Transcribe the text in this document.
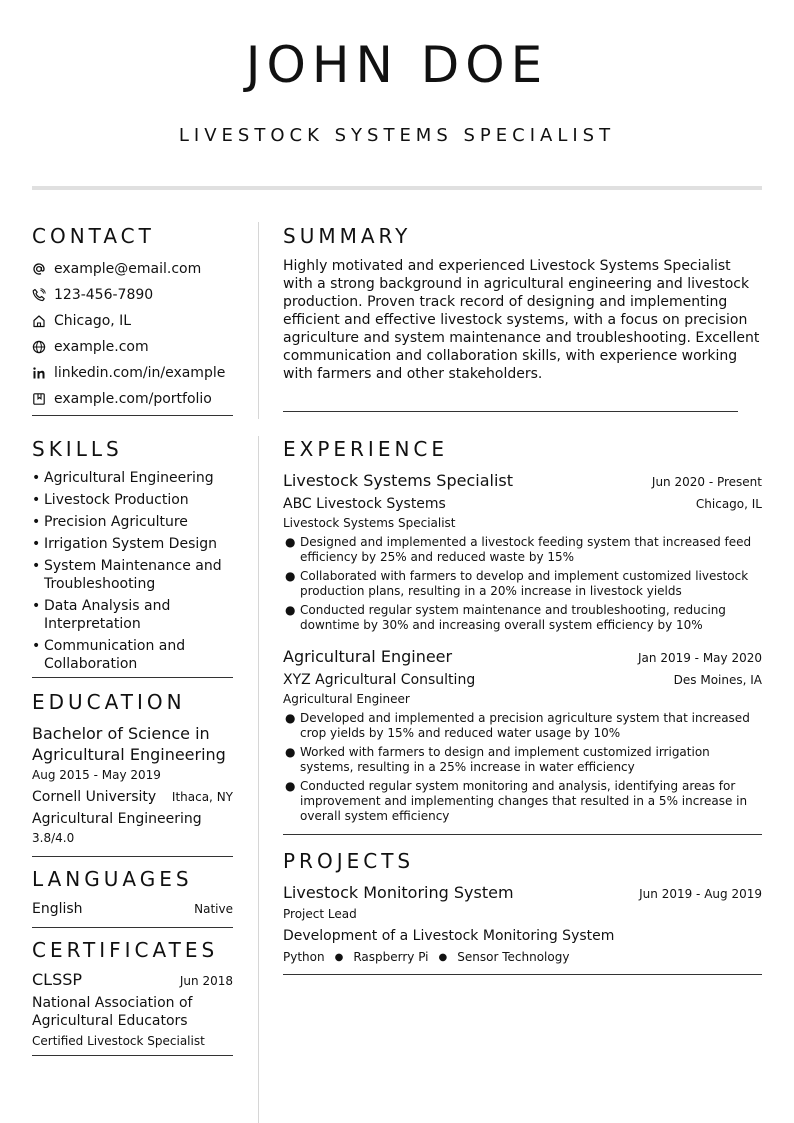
JOHN DOE
LIVESTOCK SYSTEMS SPECIALIST
CONTACT
example@email.com
123-456-7890
Chicago, IL
example.com
linkedin.com/in/example
example.com/portfolio
SUMMARY
Highly motivated and experienced Livestock Systems Specialist with a strong background in agricultural engineering and livestock production. Proven track record of designing and implementing efficient and effective livestock systems, with a focus on precision agriculture and system maintenance and troubleshooting. Excellent communication and collaboration skills, with experience working with farmers and other stakeholders.
SKILLS
• Agricultural Engineering
• Livestock Production
• Precision Agriculture
• Irrigation System Design
• System Maintenance and Troubleshooting
• Data Analysis and Interpretation
• Communication and Collaboration
EDUCATION
Bachelor of Science in Agricultural Engineering
Aug 2015 - May 2019
Cornell University Ithaca, NY
Agricultural Engineering
3.8/4.0
LANGUAGES
English	Native
CERTIFICATES
CLSSP	Jun 2018
National Association of Agricultural Educators
Certified Livestock Specialist
EXPERIENCE
Livestock Systems Specialist	Jun 2020 - Present
ABC Livestock Systems	Chicago, IL
Livestock Systems Specialist
● Designed and implemented a livestock feeding system that increased feed efficiency by 25% and reduced waste by 15%
● Collaborated with farmers to develop and implement customized livestock production plans, resulting in a 20% increase in livestock yields
● Conducted regular system maintenance and troubleshooting, reducing downtime by 30% and increasing overall system efficiency by 10%
Agricultural Engineer	Jan 2019 - May 2020
XYZ Agricultural Consulting	Des Moines, IA
Agricultural Engineer
● Developed and implemented a precision agriculture system that increased crop yields by 15% and reduced water usage by 10%
● Worked with farmers to design and implement customized irrigation systems, resulting in a 25% increase in water efficiency
● Conducted regular system monitoring and analysis, identifying areas for improvement and implementing changes that resulted in a 5% increase in overall system efficiency
PROJECTS
Livestock Monitoring System	Jun 2019 - Aug 2019
Project Lead
Development of a Livestock Monitoring System
Python ● Raspberry Pi ● Sensor Technology
